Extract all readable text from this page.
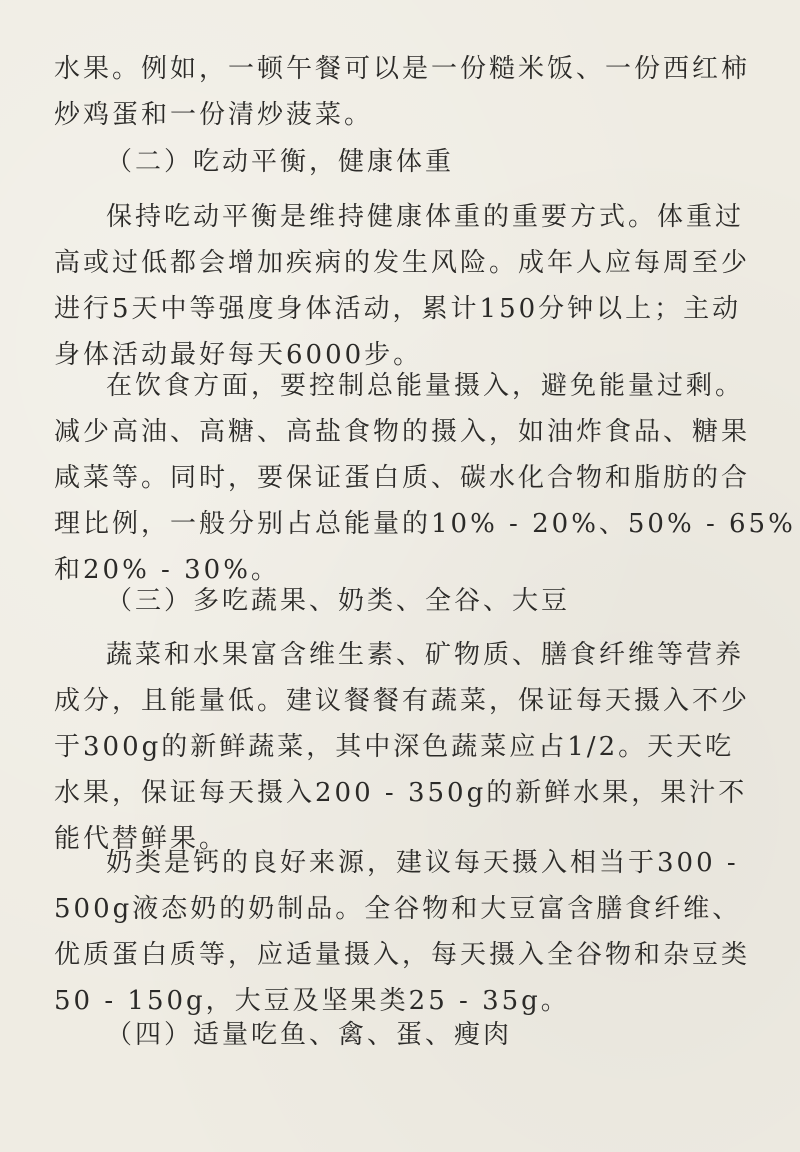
水果。例如，一顿午餐可以是一份糙米饭、一份西红柿
炒鸡蛋和一份清炒菠菜。
（二）吃动平衡，健康体重
保持吃动平衡是维持健康体重的重要方式。体重过
高或过低都会增加疾病的发生风险。成年人应每周至少
进行5天中等强度身体活动，累计150分钟以上；主动
身体活动最好每天6000步。
在饮食方面，要控制总能量摄入，避免能量过剩。
减少高油、高糖、高盐食物的摄入，如油炸食品、糖果
咸菜等。同时，要保证蛋白质、碳水化合物和脂肪的合
理比例，一般分别占总能量的10% - 20%、50% - 65%
和20% - 30%。
（三）多吃蔬果、奶类、全谷、大豆
蔬菜和水果富含维生素、矿物质、膳食纤维等营养
成分，且能量低。建议餐餐有蔬菜，保证每天摄入不少
于300g的新鲜蔬菜，其中深色蔬菜应占1/2。天天吃
水果，保证每天摄入200 - 350g的新鲜水果，果汁不
能代替鲜果。
奶类是钙的良好来源，建议每天摄入相当于300 -
500g液态奶的奶制品。全谷物和大豆富含膳食纤维、
优质蛋白质等，应适量摄入，每天摄入全谷物和杂豆类
50 - 150g，大豆及坚果类25 - 35g。
（四）适量吃鱼、禽、蛋、瘦肉
